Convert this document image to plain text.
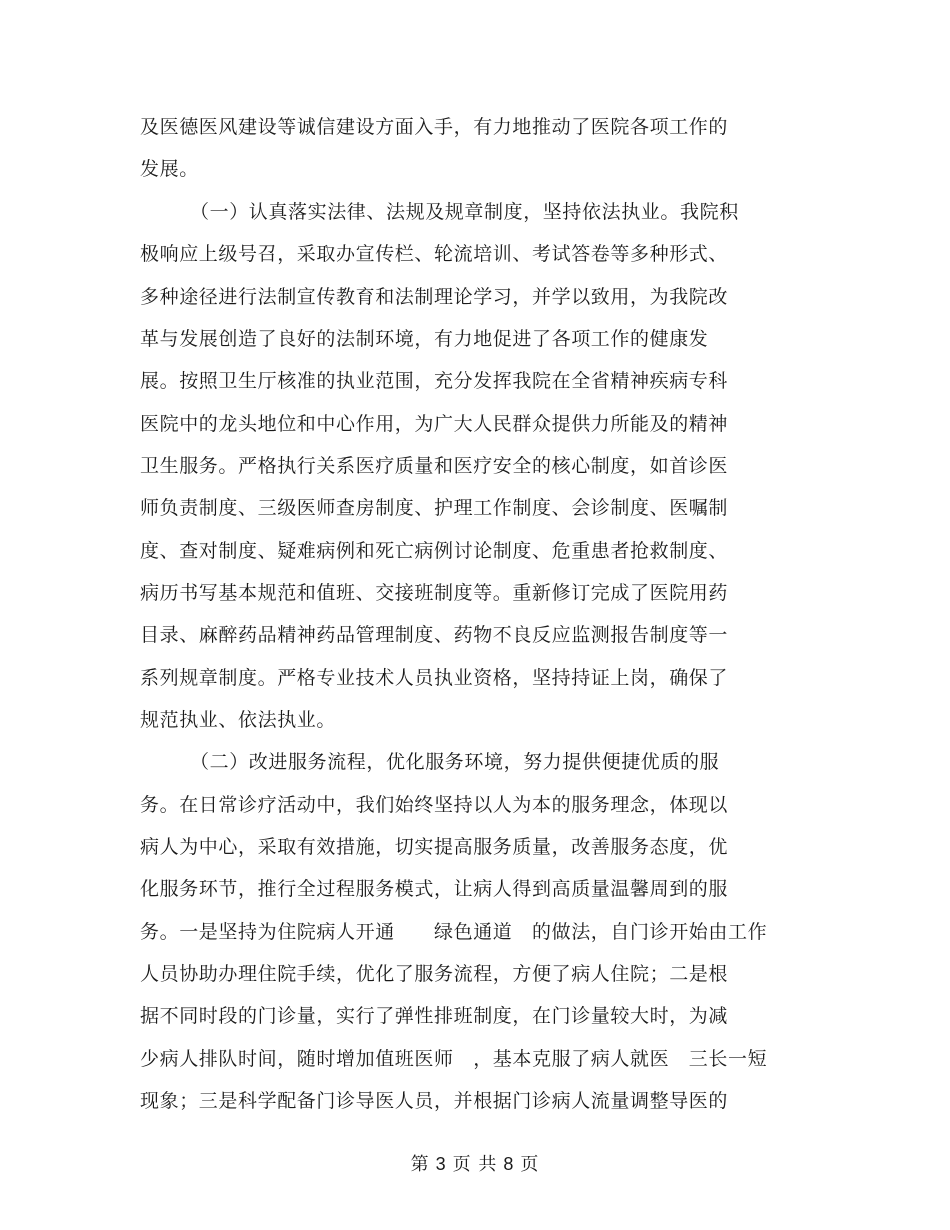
及医德医风建设等诚信建设方面入手，有力地推动了医院各项工作的
发展。
（一）认真落实法律、法规及规章制度，坚持依法执业。我院积
极响应上级号召，采取办宣传栏、轮流培训、考试答卷等多种形式、
多种途径进行法制宣传教育和法制理论学习，并学以致用，为我院改
革与发展创造了良好的法制环境，有力地促进了各项工作的健康发
展。按照卫生厅核准的执业范围，充分发挥我院在全省精神疾病专科
医院中的龙头地位和中心作用，为广大人民群众提供力所能及的精神
卫生服务。严格执行关系医疗质量和医疗安全的核心制度，如首诊医
师负责制度、三级医师查房制度、护理工作制度、会诊制度、医嘱制
度、查对制度、疑难病例和死亡病例讨论制度、危重患者抢救制度、
病历书写基本规范和值班、交接班制度等。重新修订完成了医院用药
目录、麻醉药品精神药品管理制度、药物不良反应监测报告制度等一
系列规章制度。严格专业技术人员执业资格，坚持持证上岗，确保了
规范执业、依法执业。
（二）改进服务流程，优化服务环境，努力提供便捷优质的服
务。在日常诊疗活动中，我们始终坚持以人为本的服务理念，体现以
病人为中心，采取有效措施，切实提高服务质量，改善服务态度，优
化服务环节，推行全过程服务模式，让病人得到高质量温馨周到的服
务。一是坚持为住院病人开通　　绿色通道　的做法，自门诊开始由工作
人员协助办理住院手续，优化了服务流程，方便了病人住院；二是根
据不同时段的门诊量，实行了弹性排班制度，在门诊量较大时，为减
少病人排队时间，随时增加值班医师　，基本克服了病人就医　三长一短
现象；三是科学配备门诊导医人员，并根据门诊病人流量调整导医的
第 3 页 共 8 页
